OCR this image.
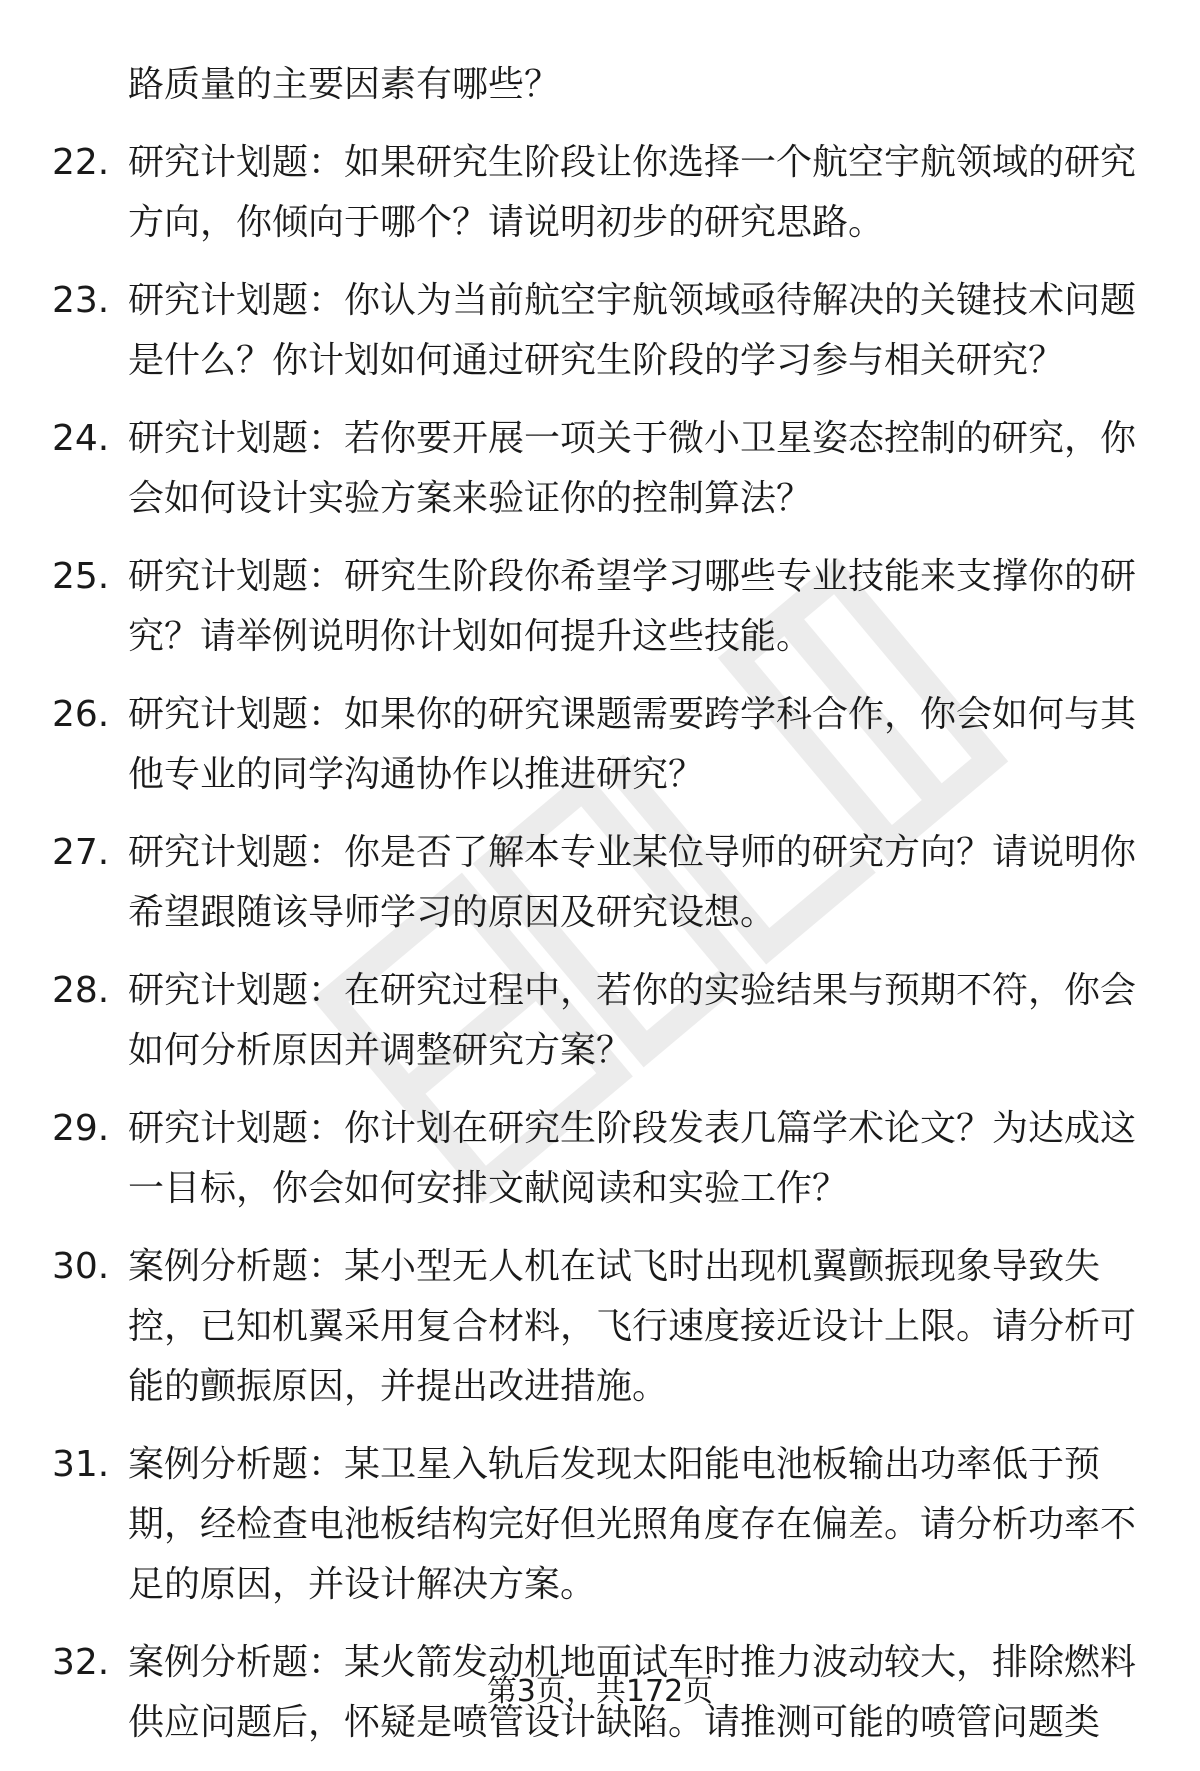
路质量的主要因素有哪些？
22. 研究计划题：如果研究生阶段让你选择一个航空宇航领域的研究方向，你倾向于哪个？请说明初步的研究思路。
23. 研究计划题：你认为当前航空宇航领域亟待解决的关键技术问题是什么？你计划如何通过研究生阶段的学习参与相关研究？
24. 研究计划题：若你要开展一项关于微小卫星姿态控制的研究，你会如何设计实验方案来验证你的控制算法？
25. 研究计划题：研究生阶段你希望学习哪些专业技能来支撑你的研究？请举例说明你计划如何提升这些技能。
26. 研究计划题：如果你的研究课题需要跨学科合作，你会如何与其他专业的同学沟通协作以推进研究？
27. 研究计划题：你是否了解本专业某位导师的研究方向？请说明你希望跟随该导师学习的原因及研究设想。
28. 研究计划题：在研究过程中，若你的实验结果与预期不符，你会如何分析原因并调整研究方案？
29. 研究计划题：你计划在研究生阶段发表几篇学术论文？为达成这一目标，你会如何安排文献阅读和实验工作？
30. 案例分析题：某小型无人机在试飞时出现机翼颤振现象导致失控，已知机翼采用复合材料，飞行速度接近设计上限。请分析可能的颤振原因，并提出改进措施。
31. 案例分析题：某卫星入轨后发现太阳能电池板输出功率低于预期，经检查电池板结构完好但光照角度存在偏差。请分析功率不足的原因，并设计解决方案。
32. 案例分析题：某火箭发动机地面试车时推力波动较大，排除燃料供应问题后，怀疑是喷管设计缺陷。请推测可能的喷管问题类
第3页，共172页
